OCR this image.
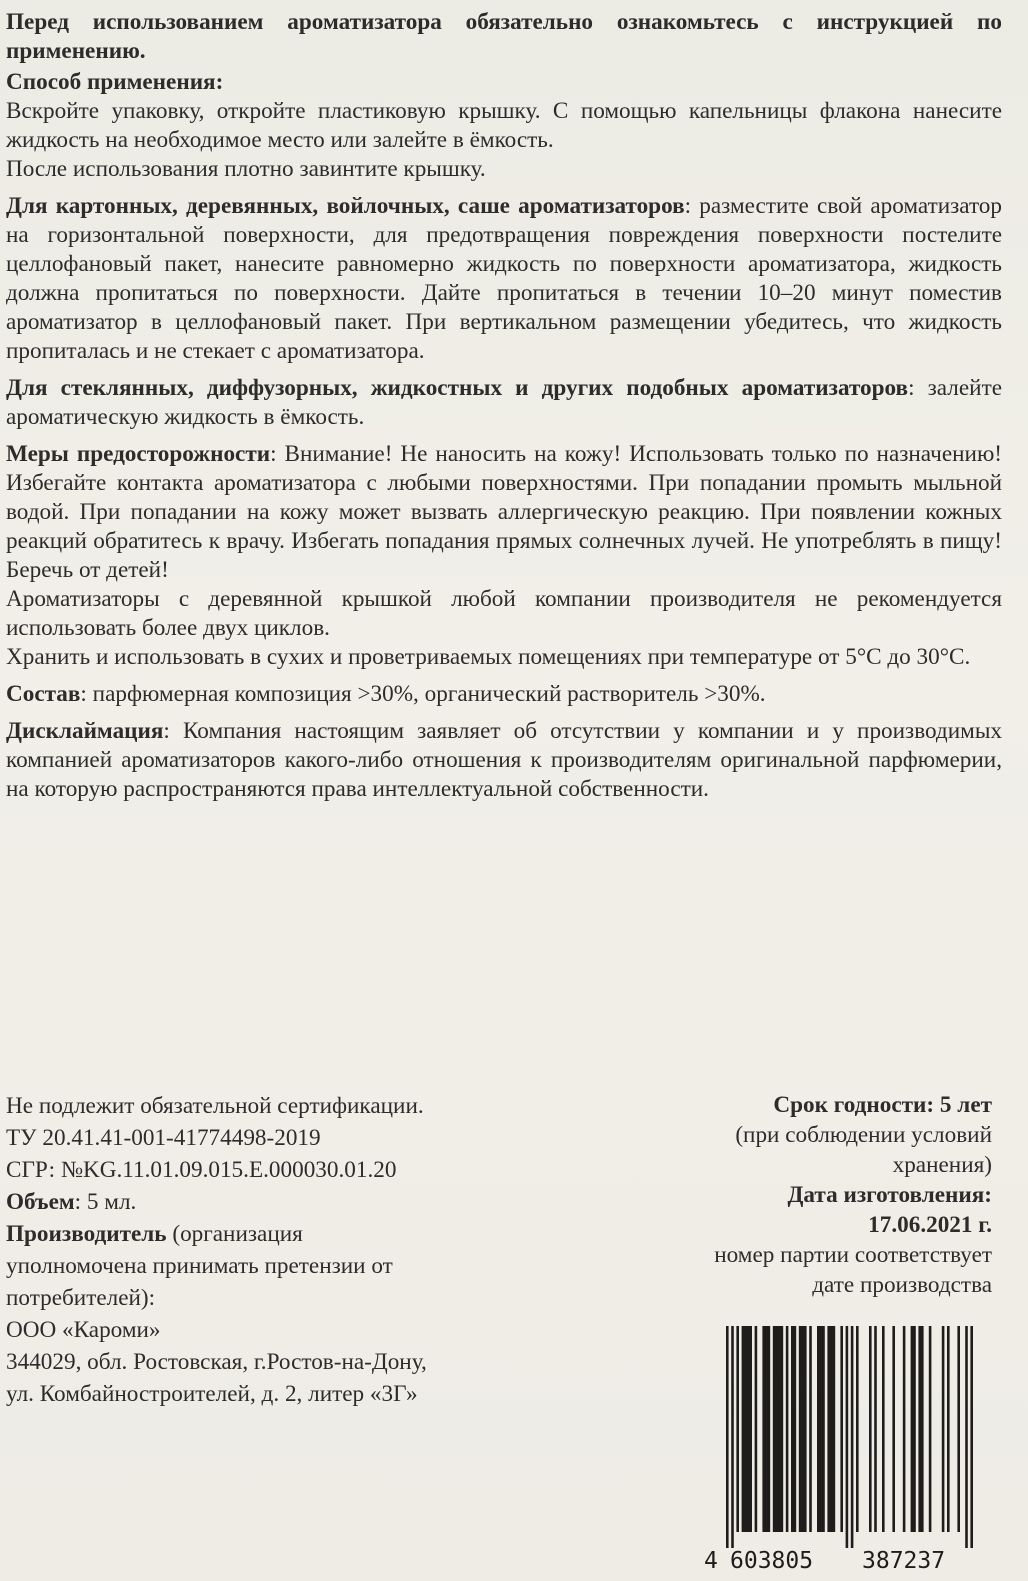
Перед использованием ароматизатора обязательно ознакомьтесь с инструкцией по применению.

Способ применения:
Вскройте упаковку, откройте пластиковую крышку. С помощью капельницы флакона нанесите жидкость на необходимое место или залейте в ёмкость.
После использования плотно завинтите крышку.

Для картонных, деревянных, войлочных, саше ароматизаторов: разместите свой ароматизатор на горизонтальной поверхности, для предотвращения повреждения поверхности постелите целлофановый пакет, нанесите равномерно жидкость по поверхности ароматизатора, жидкость должна пропитаться по поверхности. Дайте пропитаться в течении 10–20 минут поместив ароматизатор в целлофановый пакет. При вертикальном размещении убедитесь, что жидкость пропиталась и не стекает с ароматизатора.

Для стеклянных, диффузорных, жидкостных и других подобных ароматизаторов: залейте ароматическую жидкость в ёмкость.

Меры предосторожности: Внимание! Не наносить на кожу! Использовать только по назначению! Избегайте контакта ароматизатора с любыми поверхностями. При попадании промыть мыльной водой. При попадании на кожу может вызвать аллергическую реакцию. При появлении кожных реакций обратитесь к врачу. Избегать попадания прямых солнечных лучей. Не употреблять в пищу! Беречь от детей!

Ароматизаторы с деревянной крышкой любой компании производителя не рекомендуется использовать более двух циклов.

Хранить и использовать в сухих и проветриваемых помещениях при температуре от 5°С до 30°С.

Состав: парфюмерная композиция >30%, органический растворитель >30%.

Дисклаймация: Компания настоящим заявляет об отсутствии у компании и у производимых компанией ароматизаторов какого-либо отношения к производителям оригинальной парфюмерии, на которую распространяются права интеллектуальной собственности.

Не подлежит обязательной сертификации.
ТУ 20.41.41-001-41774498-2019
СГР: №KG.11.01.09.015.Е.000030.01.20
Объем: 5 мл.
Производитель (организация
уполномочена принимать претензии от
потребителей):
ООО «Кароми»
344029, обл. Ростовская, г.Ростов-на-Дону,
ул. Комбайностроителей, д. 2, литер «3Г»
Срок годности: 5 лет
(при соблюдении условий
хранения)
Дата изготовления:
17.06.2021 г.
номер партии соответствует
дате производства
4 603805 387237
